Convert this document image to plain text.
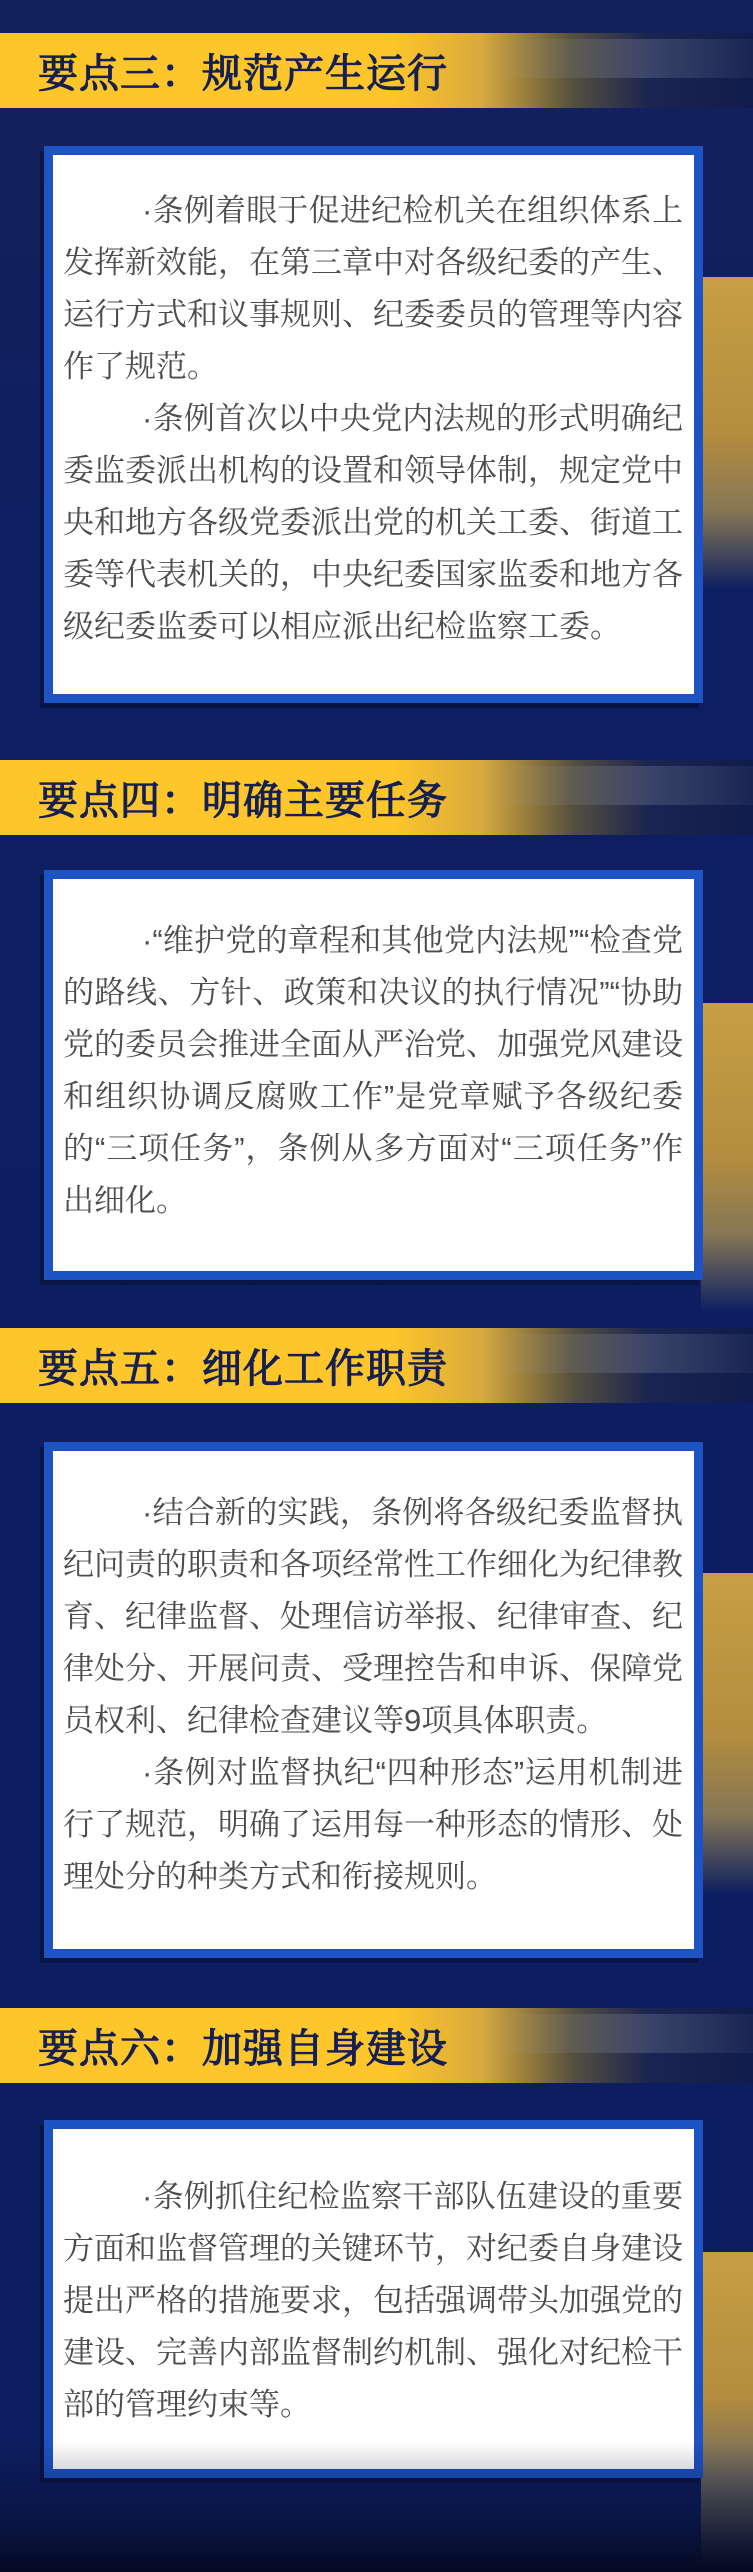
要点三：规范产生运行

·条例着眼于促进纪检机关在组织体系上发挥新效能，在第三章中对各级纪委的产生、运行方式和议事规则、纪委委员的管理等内容作了规范。

·条例首次以中央党内法规的形式明确纪委监委派出机构的设置和领导体制，规定党中央和地方各级党委派出党的机关工委、街道工委等代表机关的，中央纪委国家监委和地方各级纪委监委可以相应派出纪检监察工委。

要点四：明确主要任务

·“维护党的章程和其他党内法规”“检查党的路线、方针、政策和决议的执行情况”“协助党的委员会推进全面从严治党、加强党风建设和组织协调反腐败工作”是党章赋予各级纪委的“三项任务”，条例从多方面对“三项任务”作出细化。

要点五：细化工作职责

·结合新的实践，条例将各级纪委监督执纪问责的职责和各项经常性工作细化为纪律教育、纪律监督、处理信访举报、纪律审查、纪律处分、开展问责、受理控告和申诉、保障党员权利、纪律检查建议等9项具体职责。

·条例对监督执纪“四种形态”运用机制进行了规范，明确了运用每一种形态的情形、处理处分的种类方式和衔接规则。

要点六：加强自身建设

·条例抓住纪检监察干部队伍建设的重要方面和监督管理的关键环节，对纪委自身建设提出严格的措施要求，包括强调带头加强党的建设、完善内部监督制约机制、强化对纪检干部的管理约束等。
